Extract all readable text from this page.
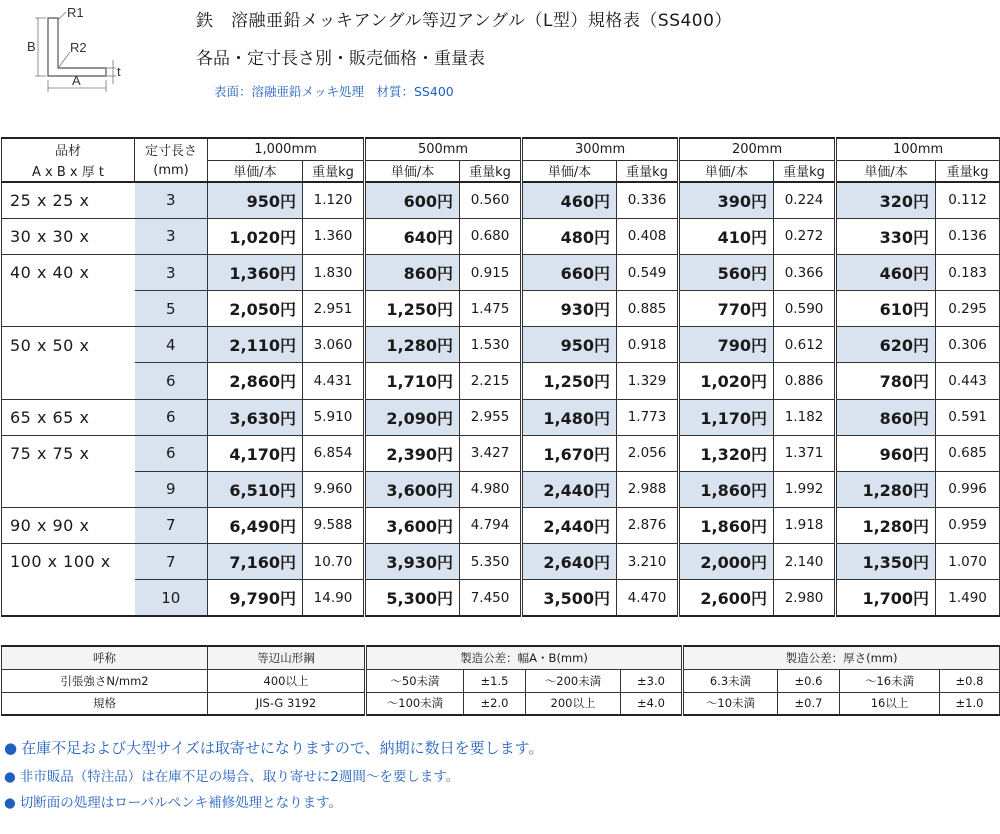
B
A
R1
R2
t
鉄　溶融亜鉛メッキアングル等辺アングル（L型）規格表（SS400）
各品・定寸長さ別・販売価格・重量表
表面：溶融亜鉛メッキ処理　材質：SS400
品材	定寸長さ	1,000mm		500mm		300mm		200mm		100mm	
A x B x 厚 t	(mm)	単価/本	重量kg	単価/本	重量kg	単価/本	重量kg	単価/本	重量kg	単価/本	重量kg
25 x 25 x	3	950円	1.120	600円	0.560	460円	0.336	390円	0.224	320円	0.112
30 x 30 x	3	1,020円	1.360	640円	0.680	480円	0.408	410円	0.272	330円	0.136
40 x 40 x	3	1,360円	1.830	860円	0.915	660円	0.549	560円	0.366	460円	0.183
	5	2,050円	2.951	1,250円	1.475	930円	0.885	770円	0.590	610円	0.295
50 x 50 x	4	2,110円	3.060	1,280円	1.530	950円	0.918	790円	0.612	620円	0.306
	6	2,860円	4.431	1,710円	2.215	1,250円	1.329	1,020円	0.886	780円	0.443
65 x 65 x	6	3,630円	5.910	2,090円	2.955	1,480円	1.773	1,170円	1.182	860円	0.591
75 x 75 x	6	4,170円	6.854	2,390円	3.427	1,670円	2.056	1,320円	1.371	960円	0.685
	9	6,510円	9.960	3,600円	4.980	2,440円	2.988	1,860円	1.992	1,280円	0.996
90 x 90 x	7	6,490円	9.588	3,600円	4.794	2,440円	2.876	1,860円	1.918	1,280円	0.959
100 x 100 x	7	7,160円	10.70	3,930円	5.350	2,640円	3.210	2,000円	2.140	1,350円	1.070
	10	9,790円	14.90	5,300円	7.450	3,500円	4.470	2,600円	2.980	1,700円	1.490
呼称	等辺山形鋼	製造公差：幅A・B(mm)				製造公差：厚さ(mm)			
引張強さN/mm2	400以上	〜50未満	±1.5	〜200未満	±3.0	6.3未満	±0.6	〜16未満	±0.8
規格	JIS-G 3192	〜100未満	±2.0	200以上	±4.0	〜10未満	±0.7	16以上	±1.0
● 在庫不足および大型サイズは取寄せになりますので、納期に数日を要します。
● 非市販品（特注品）は在庫不足の場合、取り寄せに2週間〜を要します。
● 切断面の処理はローバルペンキ補修処理となります。
